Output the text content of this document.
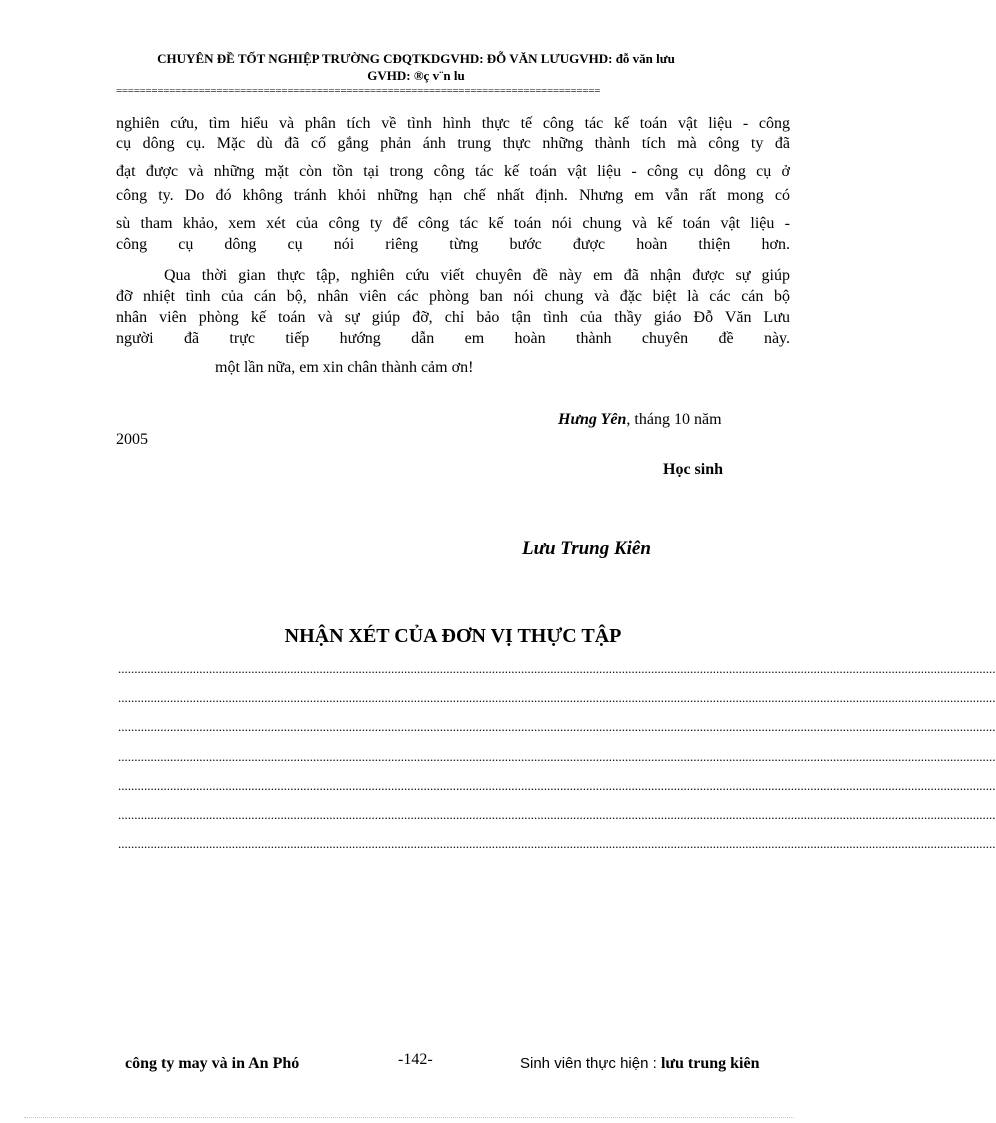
CHUYÊN ĐỀ TỐT NGHIỆP TRƯỜNG CĐQTKDGVHD: ĐỖ VĂN LƯUGVHD: đỗ văn lưu
GVHD: ®ç v¨n lu
==================================================================================
nghiên cứu, tìm hiểu và phân tích về tình hình thực tế công tác kế toán vật liệu - công
cụ dông cụ. Mặc dù đã cố gắng phản ánh trung thực những thành tích mà công ty đã
đạt được và những mặt còn tồn tại trong công tác kế toán vật liệu - công cụ dông cụ ở
công ty. Do đó không tránh khỏi những hạn chế nhất định. Nhưng em vẫn rất mong có
sù tham khảo, xem xét của công ty để công tác kế toán nói chung và kế toán vật liệu -
công cụ dông cụ nói riêng từng bước được hoàn thiện hơn.
Qua thời gian thực tập, nghiên cứu viết chuyên đề này em đã nhận được sự giúp
đỡ nhiệt tình của cán bộ, nhân viên các phòng ban nói chung và đặc biệt là các cán bộ
nhân viên phòng kế toán và sự giúp đỡ, chỉ bảo tận tình của thầy giáo Đỗ Văn Lưu
người đã trực tiếp hướng dẫn em hoàn thành chuyên đề này.
một lần nữa, em xin chân thành cảm ơn!
Hưng Yên, tháng 10 năm
2005
Học sinh
Lưu Trung Kiên
NHẬN XÉT CỦA ĐƠN VỊ THỰC TẬP
..............................................................................................................................................................................................................................................................................
..............................................................................................................................................................................................................................................................................
..............................................................................................................................................................................................................................................................................
..............................................................................................................................................................................................................................................................................
..............................................................................................................................................................................................................................................................................
..............................................................................................................................................................................................................................................................................
..............................................................................................................................................................................................................................................................................
công ty may và in An Phó	-142-	Sinh viên thực hiện : lưu trung kiên
